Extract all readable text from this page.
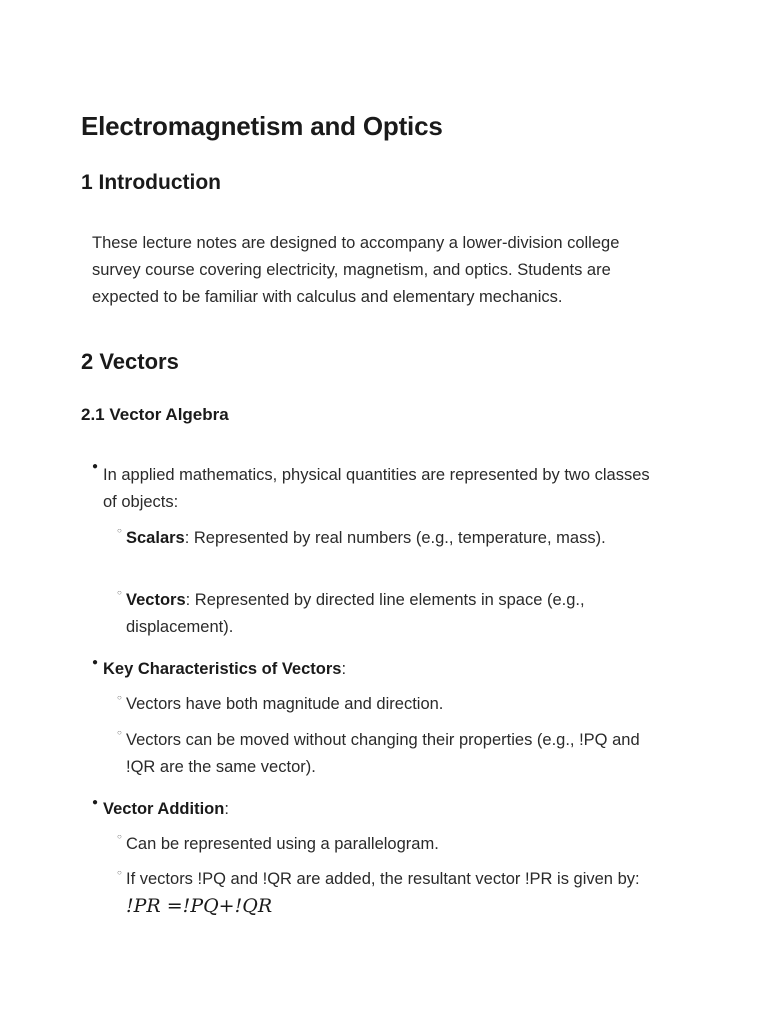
Electromagnetism and Optics
1 Introduction

These lecture notes are designed to accompany a lower-division college survey course covering electricity, magnetism, and optics. Students are expected to be familiar with calculus and elementary mechanics.

2 Vectors
2.1 Vector Algebra
● In applied mathematics, physical quantities are represented by two classes of objects:

○ Scalars: Represented by real numbers (e.g., temperature, mass).

○ Vectors: Represented by directed line elements in space (e.g., displacement).

● Key Characteristics of Vectors:

○ Vectors have both magnitude and direction.

○ Vectors can be moved without changing their properties (e.g., !PQ and !QR are the same vector).

● Vector Addition:

○ Can be represented using a parallelogram.

○ If vectors !PQ and !QR are added, the resultant vector !PR is given by: !PR =!PQ+!QR
